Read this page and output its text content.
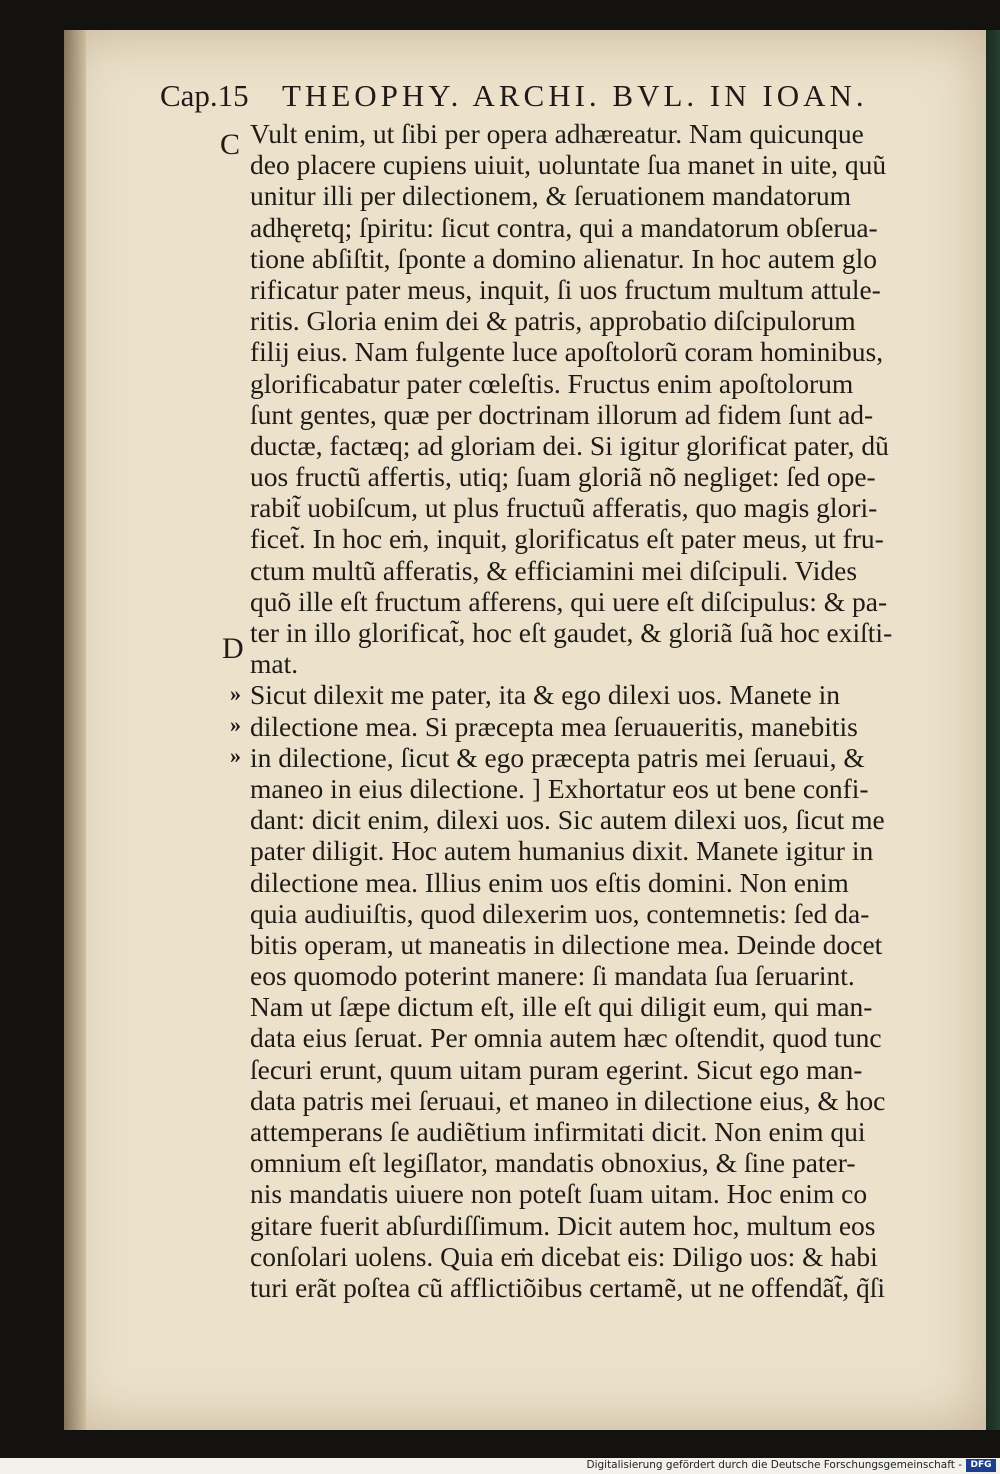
Cap.15 THEOPHY. ARCHI. BVL. IN IOAN.
C
D
»
»
»
Vult enim, ut ſibi per opera adhæreatur. Nam quicunque
deo placere cupiens uiuit, uoluntate ſua manet in uite, quũ
unitur illi per dilectionem, & ſeruationem mandatorum
adhęretq; ſpiritu: ſicut contra, qui a mandatorum obſerua-
tione abſiſtit, ſponte a domino alienatur. In hoc autem glo
rificatur pater meus, inquit, ſi uos fructum multum attule-
ritis. Gloria enim dei & patris, approbatio diſcipulorum
filij eius. Nam fulgente luce apoſtolorũ coram hominibus,
glorificabatur pater cœleſtis. Fructus enim apoſtolorum
ſunt gentes, quæ per doctrinam illorum ad fidem ſunt ad-
ductæ, factæq; ad gloriam dei. Si igitur glorificat pater, dũ
uos fructũ affertis, utiq; ſuam gloriã nõ negliget: ſed ope-
rabit̃ uobiſcum, ut plus fructuũ afferatis, quo magis glori-
ficet̃. In hoc eṁ, inquit, glorificatus eſt pater meus, ut fru-
ctum multũ afferatis, & efficiamini mei diſcipuli. Vides
quõ ille eſt fructum afferens, qui uere eſt diſcipulus: & pa-
ter in illo glorificat̃, hoc eſt gaudet, & gloriã ſuã hoc exiſti-
mat.
Sicut dilexit me pater, ita & ego dilexi uos. Manete in
dilectione mea. Si præcepta mea ſeruaueritis, manebitis
in dilectione, ſicut & ego præcepta patris mei ſeruaui, &
maneo in eius dilectione. ] Exhortatur eos ut bene confi-
dant: dicit enim, dilexi uos. Sic autem dilexi uos, ſicut me
pater diligit. Hoc autem humanius dixit. Manete igitur in
dilectione mea. Illius enim uos eſtis domini. Non enim
quia audiuiſtis, quod dilexerim uos, contemnetis: ſed da-
bitis operam, ut maneatis in dilectione mea. Deinde docet
eos quomodo poterint manere: ſi mandata ſua ſeruarint.
Nam ut ſæpe dictum eſt, ille eſt qui diligit eum, qui man-
data eius ſeruat. Per omnia autem hæc oſtendit, quod tunc
ſecuri erunt, quum uitam puram egerint. Sicut ego man-
data patris mei ſeruaui, et maneo in dilectione eius, & hoc
attemperans ſe audiẽtium infirmitati dicit. Non enim qui
omnium eſt legiſlator, mandatis obnoxius, & ſine pater-
nis mandatis uiuere non poteſt ſuam uitam. Hoc enim co
gitare fuerit abſurdiſſimum. Dicit autem hoc, multum eos
conſolari uolens. Quia eṁ dicebat eis: Diligo uos: & habi
turi erãt poſtea cũ afflictiõibus certamẽ, ut ne offendãt̃, q̃ſi
Digitalisierung gefördert durch die Deutsche Forschungsgemeinschaft - DFG
